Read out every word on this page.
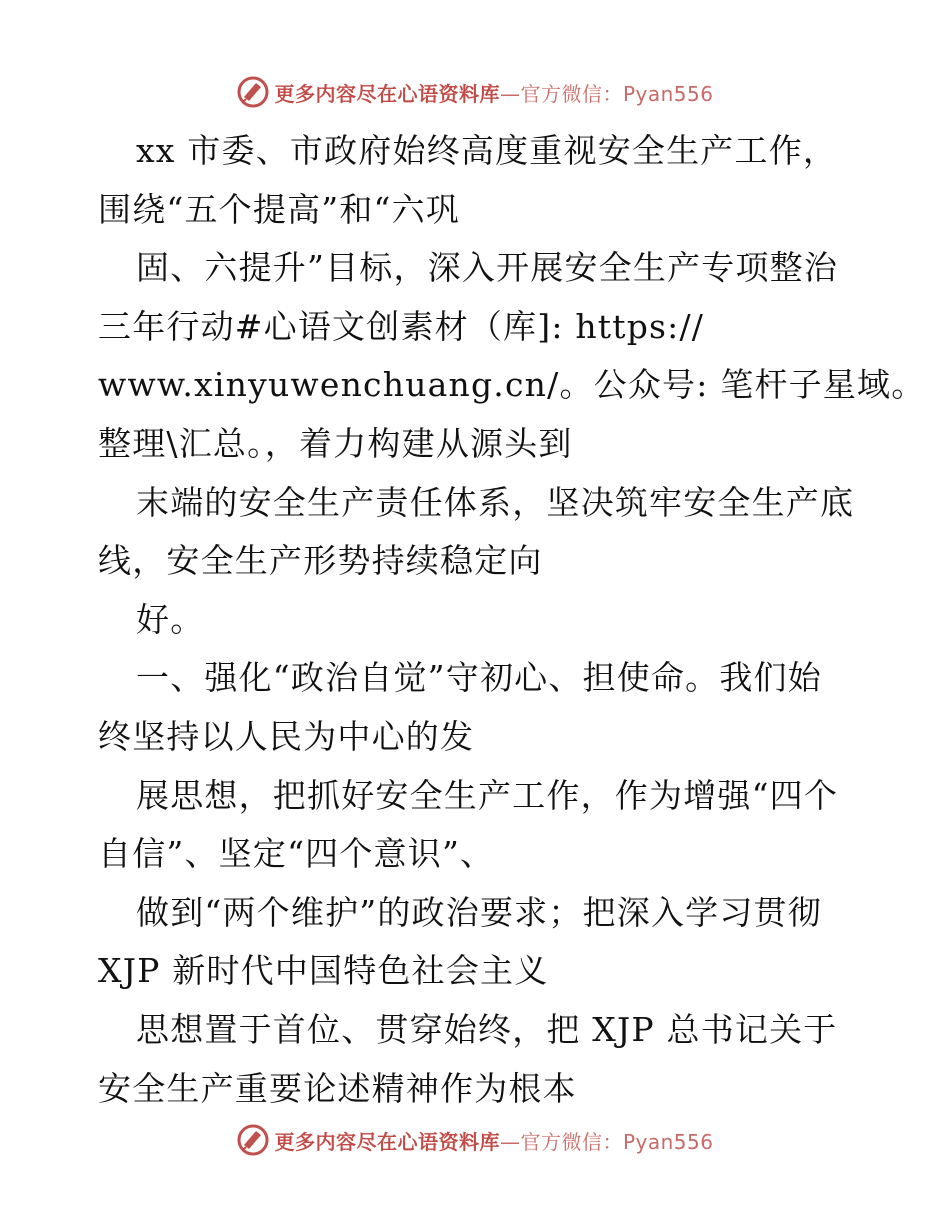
更多内容尽在心语资料库—官方微信：Pyan556
xx 市委、市政府始终高度重视安全生产工作，
围绕“五个提高”和“六巩
固、六提升”目标，深入开展安全生产专项整治
三年行动#心语文创素材（库]: https://
www.xinyuwenchuang.cn/。公众号: 笔杆子星域。
整理\汇总。，着力构建从源头到
末端的安全生产责任体系，坚决筑牢安全生产底
线，安全生产形势持续稳定向
好。
一、强化“政治自觉”守初心、担使命。我们始
终坚持以人民为中心的发
展思想，把抓好安全生产工作，作为增强“四个
自信”、坚定“四个意识”、
做到“两个维护”的政治要求；把深入学习贯彻
XJP 新时代中国特色社会主义
思想置于首位、贯穿始终，把 XJP 总书记关于
安全生产重要论述精神作为根本
更多内容尽在心语资料库—官方微信：Pyan556
